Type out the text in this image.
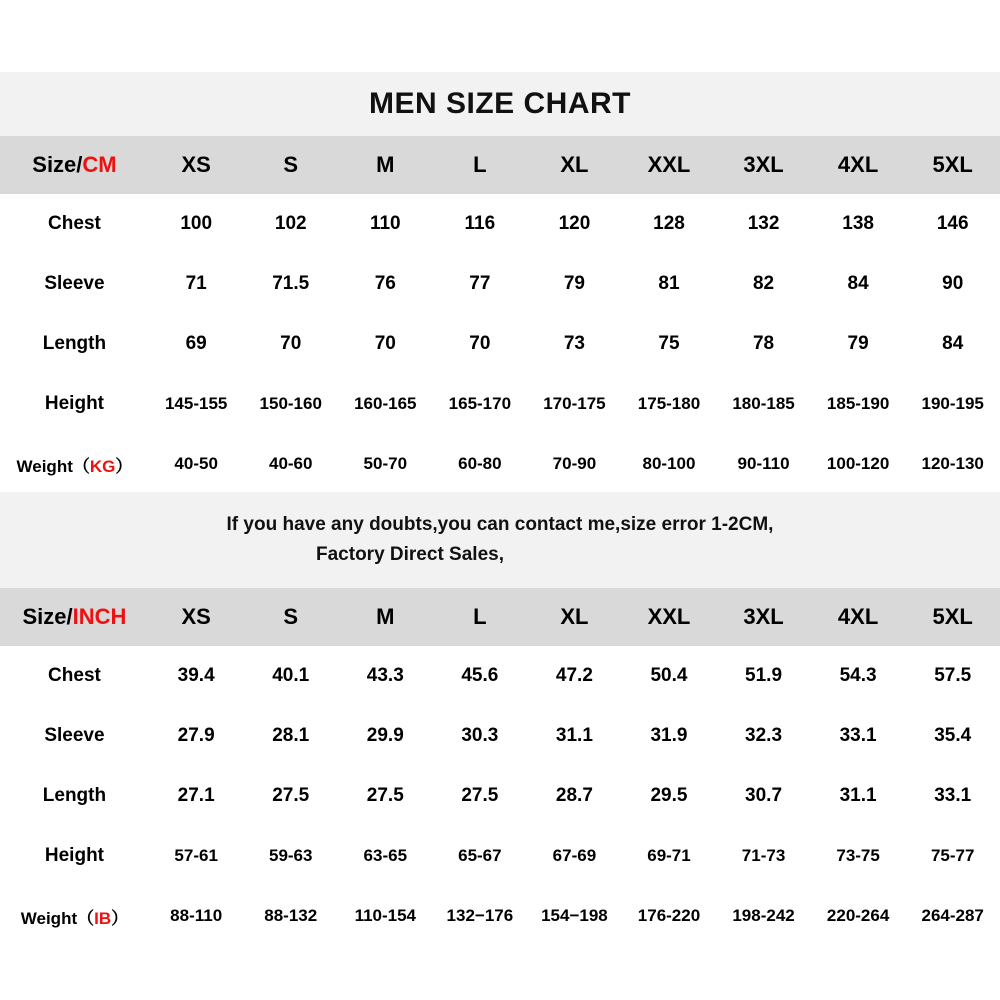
MEN SIZE CHART
Size/CM	XS	S	M	L	XL	XXL	3XL	4XL	5XL
Chest	100	102	110	116	120	128	132	138	146
Sleeve	71	71.5	76	77	79	81	82	84	90
Length	69	70	70	70	73	75	78	79	84
Height	145-155	150-160	160-165	165-170	170-175	175-180	180-185	185-190	190-195
Weight（KG）	40-50	40-60	50-70	60-80	70-90	80-100	90-110	100-120	120-130
If you have any doubts,you can contact me,size error 1-2CM,
Factory Direct Sales,
Size/INCH	XS	S	M	L	XL	XXL	3XL	4XL	5XL
Chest	39.4	40.1	43.3	45.6	47.2	50.4	51.9	54.3	57.5
Sleeve	27.9	28.1	29.9	30.3	31.1	31.9	32.3	33.1	35.4
Length	27.1	27.5	27.5	27.5	28.7	29.5	30.7	31.1	33.1
Height	57-61	59-63	63-65	65-67	67-69	69-71	71-73	73-75	75-77
Weight（IB）	88-110	88-132	110-154	132−176	154−198	176-220	198-242	220-264	264-287
